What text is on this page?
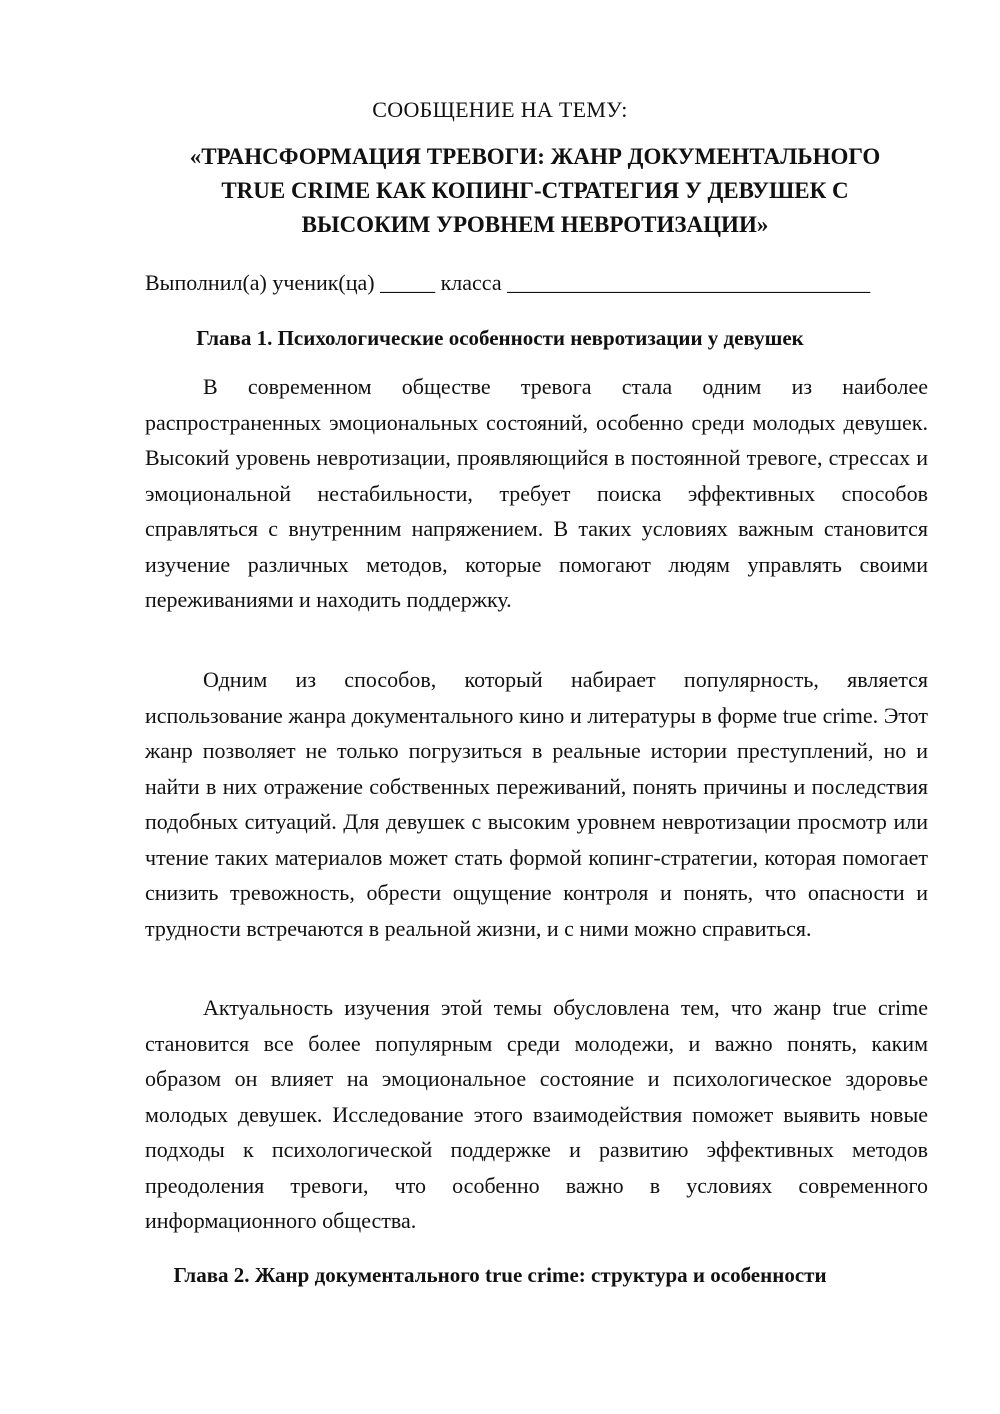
СООБЩЕНИЕ НА ТЕМУ:
«ТРАНСФОРМАЦИЯ ТРЕВОГИ: ЖАНР ДОКУМЕНТАЛЬНОГО
TRUE CRIME КАК КОПИНГ-СТРАТЕГИЯ У ДЕВУШЕК С
ВЫСОКИМ УРОВНЕМ НЕВРОТИЗАЦИИ»
Выполнил(а) ученик(ца) _____ класса _________________________________
Глава 1. Психологические особенности невротизации у девушек

В современном обществе тревога стала одним из наиболее распространенных эмоциональных состояний, особенно среди молодых девушек. Высокий уровень невротизации, проявляющийся в постоянной тревоге, стрессах и эмоциональной нестабильности, требует поиска эффективных способов справляться с внутренним напряжением. В таких условиях важным становится изучение различных методов, которые помогают людям управлять своими переживаниями и находить поддержку.

Одним из способов, который набирает популярность, является использование жанра документального кино и литературы в форме true crime. Этот жанр позволяет не только погрузиться в реальные истории преступлений, но и найти в них отражение собственных переживаний, понять причины и последствия подобных ситуаций. Для девушек с высоким уровнем невротизации просмотр или чтение таких материалов может стать формой копинг-стратегии, которая помогает снизить тревожность, обрести ощущение контроля и понять, что опасности и трудности встречаются в реальной жизни, и с ними можно справиться.

Актуальность изучения этой темы обусловлена тем, что жанр true crime становится все более популярным среди молодежи, и важно понять, каким образом он влияет на эмоциональное состояние и психологическое здоровье молодых девушек. Исследование этого взаимодействия поможет выявить новые подходы к психологической поддержке и развитию эффективных методов преодоления тревоги, что особенно важно в условиях современного информационного общества.

Глава 2. Жанр документального true crime: структура и особенности
